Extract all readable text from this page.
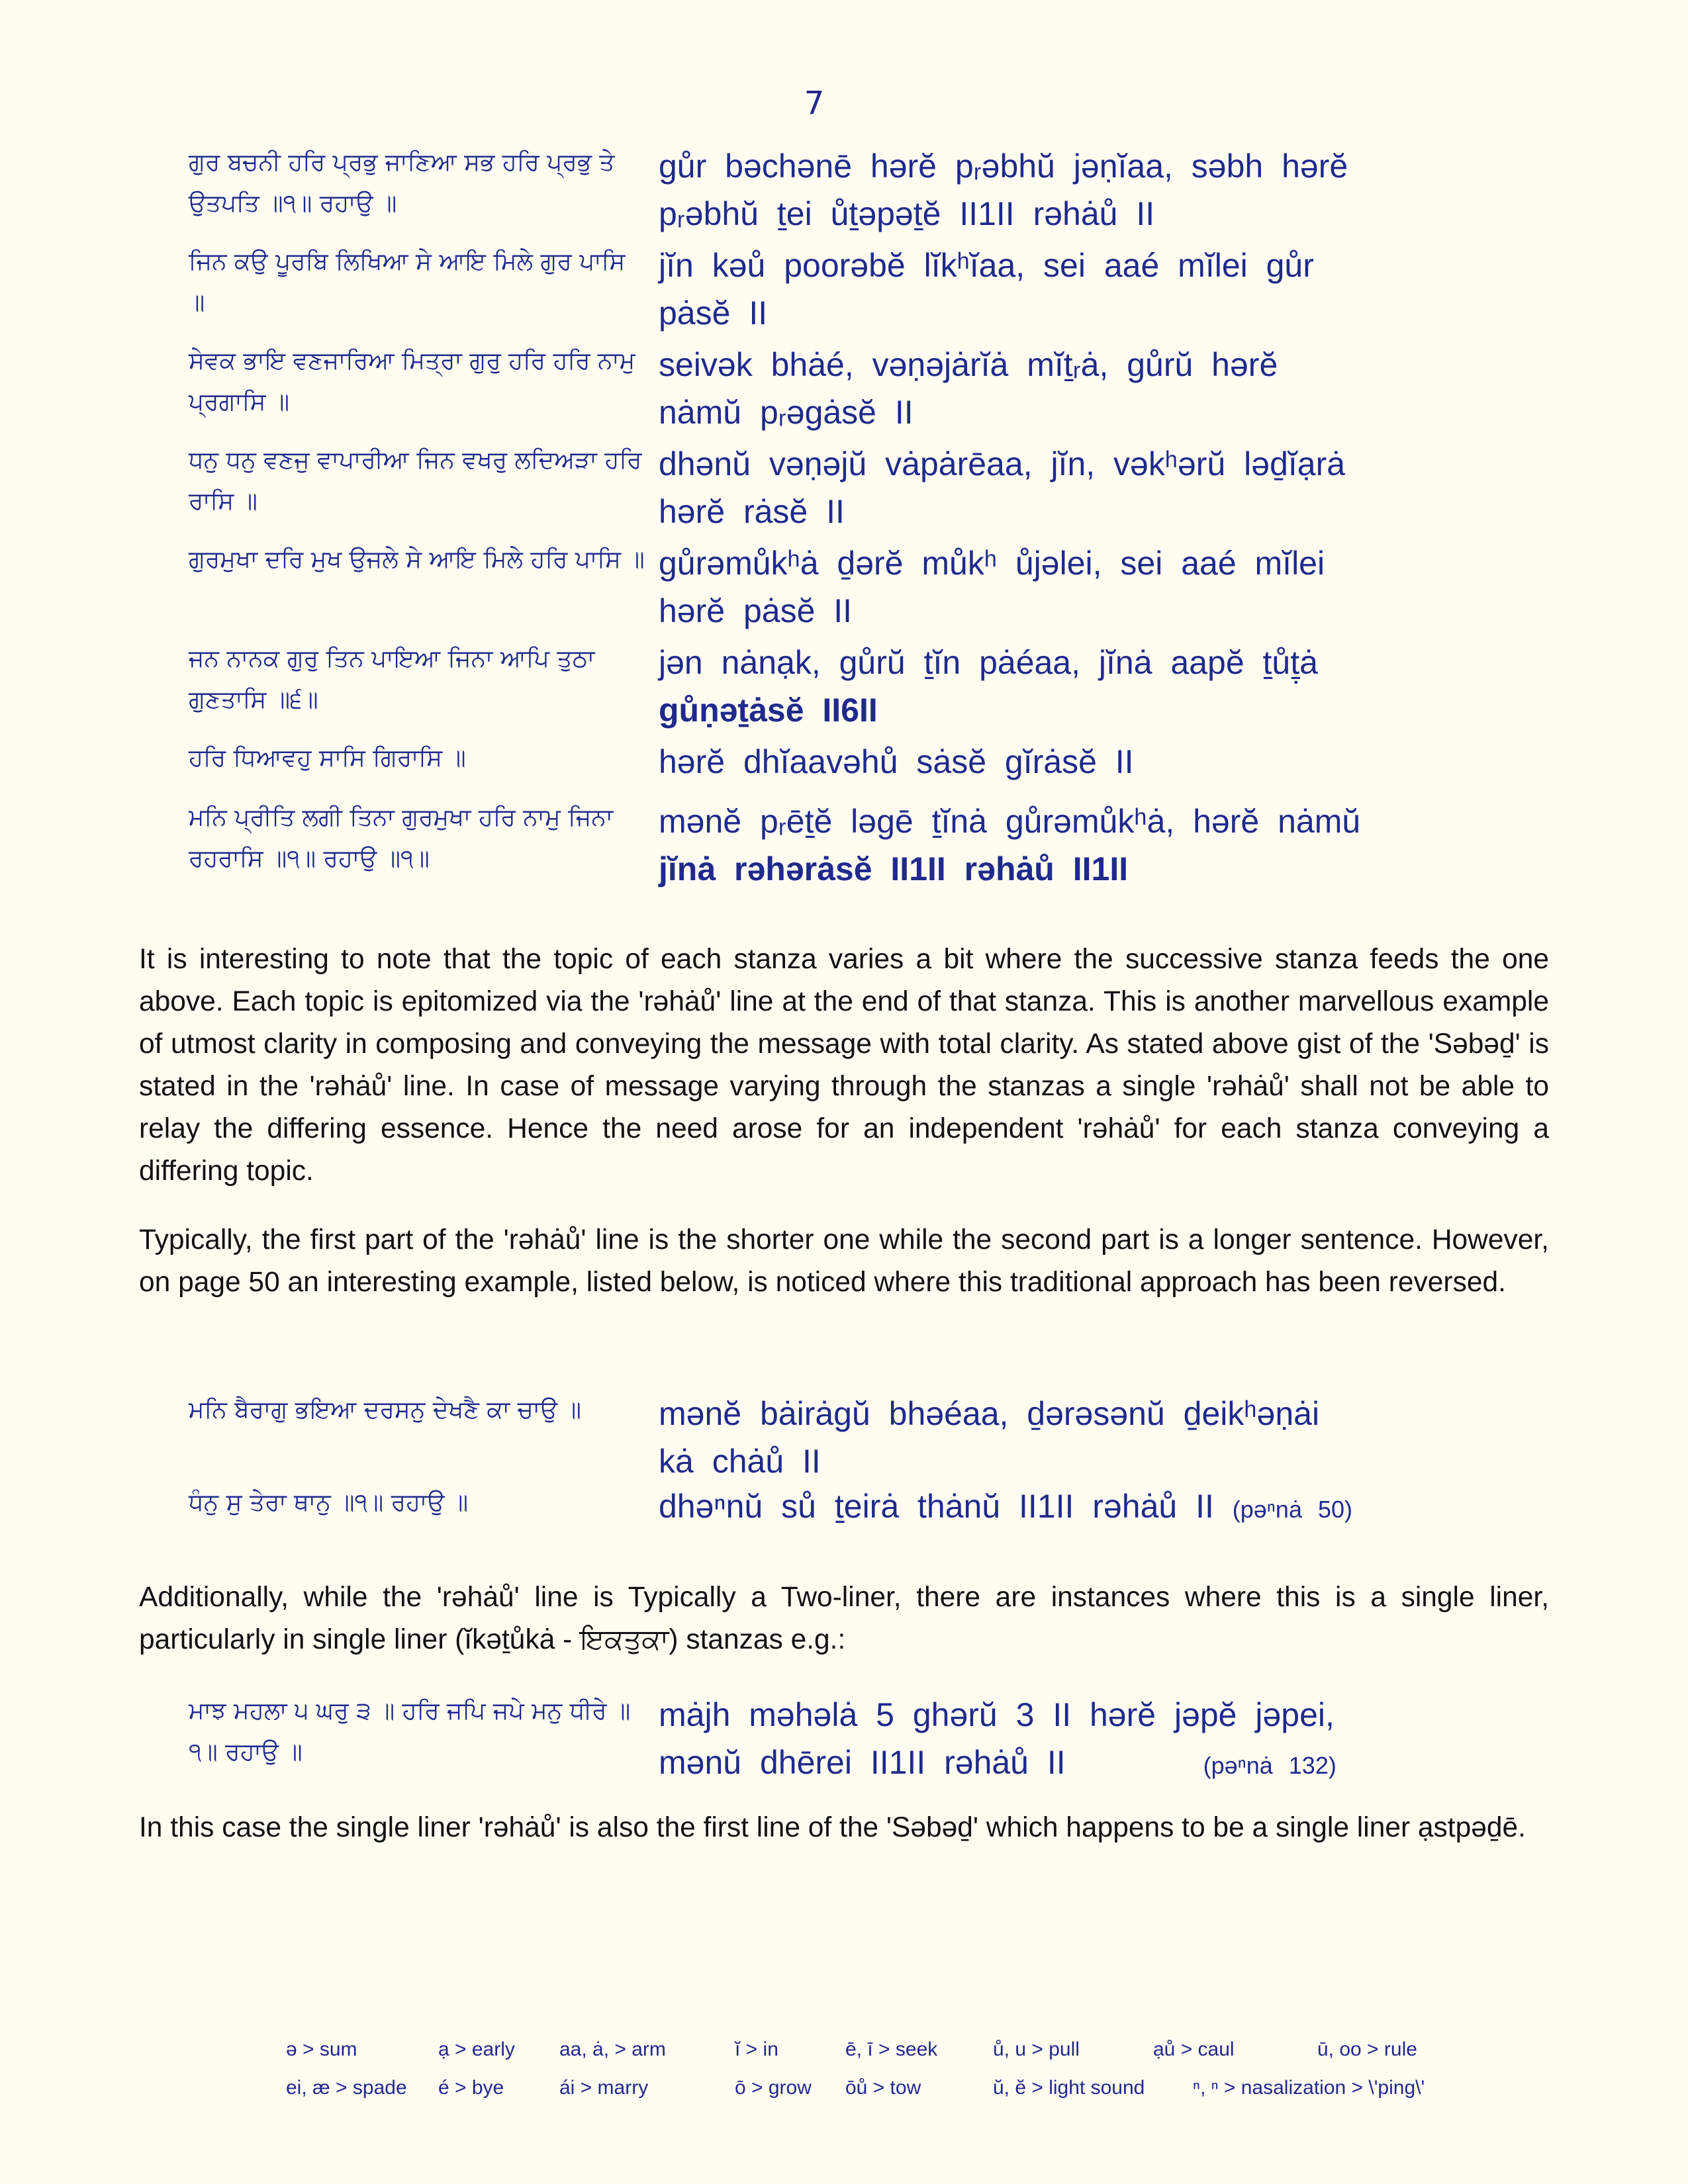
7
ਗੁਰ ਬਚਨੀ ਹਰਿ ਪ੍ਰਭੁ ਜਾਣਿਆ ਸਭ ਹਰਿ ਪ੍ਰਭੁ ਤੇ ਉਤਪਤਿ ॥੧॥ ਰਹਾਉ ॥
gůr bəchənē hərĕ pᵣəbhŭ jəṇĭaa, səbh hərĕ
pᵣəbhŭ ṯei ůṯəpəṯĕ II1II rəhȧů II
ਜਿਨ ਕਉ ਪੂਰਬਿ ਲਿਖਿਆ ਸੇ ਆਇ ਮਿਲੇ ਗੁਰ ਪਾਸਿ ॥
jĭn kəů poorəbĕ lĭkʰĭaa, sei aaé mĭlei gůr
pȧsĕ II
ਸੇਵਕ ਭਾਇ ਵਣਜਾਰਿਆ ਮਿਤ੍ਰਾ ਗੁਰੁ ਹਰਿ ਹਰਿ ਨਾਮੁ ਪ੍ਰਗਾਸਿ ॥
seivək bhȧé, vəṇəjȧrĭȧ mĭṯᵣȧ, gůrŭ hərĕ
nȧmŭ pᵣəgȧsĕ II
ਧਨੁ ਧਨੁ ਵਣਜੁ ਵਾਪਾਰੀਆ ਜਿਨ ਵਖਰੁ ਲਦਿਅੜਾ ਹਰਿ ਰਾਸਿ ॥
dhənŭ vəṇəjŭ vȧpȧrēaa, jĭn, vəkʰərŭ ləḏĭạrȧ
hərĕ rȧsĕ II
ਗੁਰਮੁਖਾ ਦਰਿ ਮੁਖ ਉਜਲੇ ਸੇ ਆਇ ਮਿਲੇ ਹਰਿ ਪਾਸਿ ॥ gůrəmůkʰȧ ḏərĕ můkʰ ůjəlei, sei aaé mĭlei
hərĕ pȧsĕ II
ਜਨ ਨਾਨਕ ਗੁਰੁ ਤਿਨ ਪਾਇਆ ਜਿਨਾ ਆਪਿ ਤੁਠਾ ਗੁਣਤਾਸਿ ॥੬॥
jən nȧnạk, gůrŭ ṯĭn pȧéaa, jĭnȧ aapĕ ṯůṯ̣ȧ
gůṇəṯȧsĕ II6II
ਹਰਿ ਧਿਆਵਹੁ ਸਾਸਿ ਗਿਰਾਸਿ ॥	hərĕ dhĭaavəhů sȧsĕ gĭrȧsĕ II
ਮਨਿ ਪ੍ਰੀਤਿ ਲਗੀ ਤਿਨਾ ਗੁਰਮੁਖਾ ਹਰਿ ਨਾਮੁ ਜਿਨਾ ਰਹਰਾਸਿ ॥੧॥ ਰਹਾਉ ॥੧॥
mənĕ pᵣēṯĕ ləgē ṯĭnȧ gůrəmůkʰȧ, hərĕ nȧmŭ
jĭnȧ rəhərȧsĕ II1II rəhȧů II1II
It is interesting to note that the topic of each stanza varies a bit where the successive stanza feeds the one above. Each topic is epitomized via the 'rəhȧů' line at the end of that stanza. This is another marvellous example of utmost clarity in composing and conveying the message with total clarity. As stated above gist of the 'Səbəḏ' is stated in the 'rəhȧů' line. In case of message varying through the stanzas a single 'rəhȧů' shall not be able to relay the differing essence. Hence the need arose for an independent 'rəhȧů' for each stanza conveying a differing topic.
Typically, the first part of the 'rəhȧů' line is the shorter one while the second part is a longer sentence. However, on page 50 an interesting example, listed below, is noticed where this traditional approach has been reversed.
ਮਨਿ ਬੈਰਾਗੁ ਭਇਆ ਦਰਸਨੁ ਦੇਖਣੈ ਕਾ ਚਾਉ ॥	mənĕ bȧirȧgŭ bhəéaa, ḏərəsənŭ ḏeikʰəṇȧi
kȧ chȧů II
ਧੰਨੁ ਸੁ ਤੇਰਾ ਥਾਨੁ ॥੧॥ ਰਹਾਉ ॥	dhəⁿnŭ sů ṯeirȧ thȧnŭ II1II rəhȧů II (pəⁿnȧ 50)
Additionally, while the 'rəhȧů' line is Typically a Two-liner, there are instances where this is a single liner, particularly in single liner (ĭkəṯůkȧ - ਇਕਤੁਕਾ) stanzas e.g.:
ਮਾਝ ਮਹਲਾ ੫ ਘਰੁ ੩ ॥ ਹਰਿ ਜਪਿ ਜਪੇ ਮਨੁ ਧੀਰੇ ॥੧॥ ਰਹਾਉ ॥
mȧjh məhəlȧ 5 ghərŭ 3 II hərĕ jəpĕ jəpei,
mənŭ dhērei II1II rəhȧů II	(pəⁿnȧ 132)
In this case the single liner 'rəhȧů' is also the first line of the 'Səbəḏ' which happens to be a single liner ạstpəḏē.
ə > sum	ạ > early aa, ȧ, > arm	ĭ > in	ē, ī > seek	ů, u > pull	ạů > caul	ū, oo > rule
ei, æ > spade é > bye	ái > marry	ō > grow ōů > tow	ŭ, ĕ > light sound ⁿ, ⁿ > nasalization > \'ping\'
